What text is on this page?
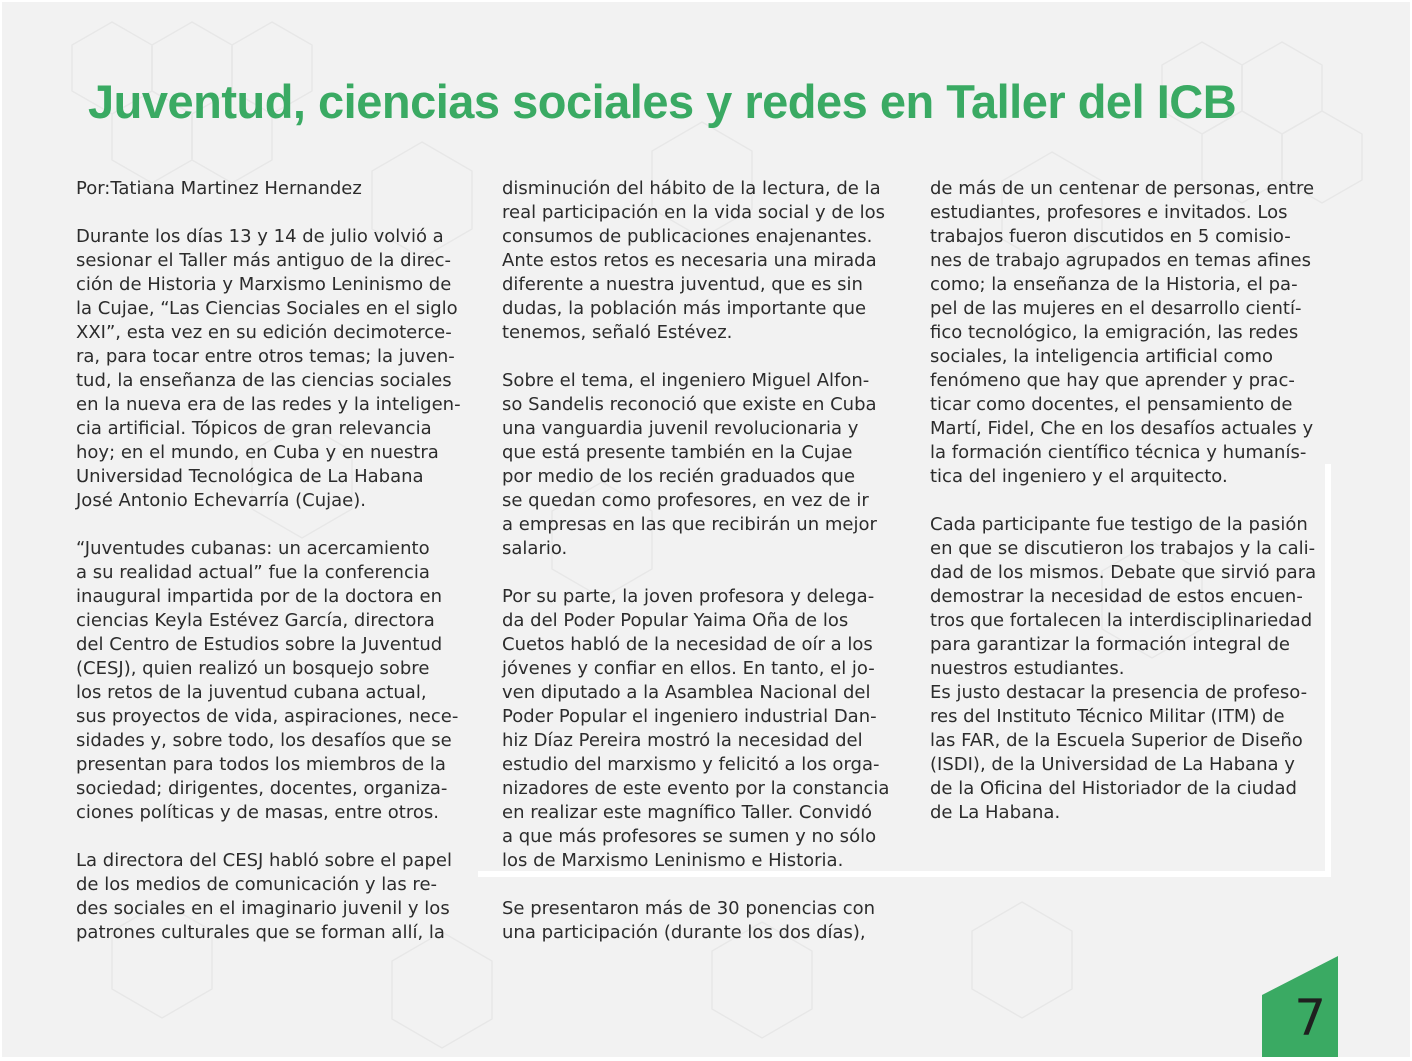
Juventud, ciencias sociales y redes en Taller del ICB

Por:Tatiana Martinez Hernandez

Durante los días 13 y 14 de julio volvió a
sesionar el Taller más antiguo de la direc-
ción de Historia y Marxismo Leninismo de
la Cujae, “Las Ciencias Sociales en el siglo
XXI”, esta vez en su edición decimoterce-
ra, para tocar entre otros temas; la juven-
tud, la enseñanza de las ciencias sociales
en la nueva era de las redes y la inteligen-
cia artificial. Tópicos de gran relevancia
hoy; en el mundo, en Cuba y en nuestra
Universidad Tecnológica de La Habana
José Antonio Echevarría (Cujae).

“Juventudes cubanas: un acercamiento
a su realidad actual” fue la conferencia
inaugural impartida por de la doctora en
ciencias Keyla Estévez García, directora
del Centro de Estudios sobre la Juventud
(CESJ), quien realizó un bosquejo sobre
los retos de la juventud cubana actual,
sus proyectos de vida, aspiraciones, nece-
sidades y, sobre todo, los desafíos que se
presentan para todos los miembros de la
sociedad; dirigentes, docentes, organiza-
ciones políticas y de masas, entre otros.

La directora del CESJ habló sobre el papel
de los medios de comunicación y las re-
des sociales en el imaginario juvenil y los
patrones culturales que se forman allí, la

disminución del hábito de la lectura, de la
real participación en la vida social y de los
consumos de publicaciones enajenantes.
Ante estos retos es necesaria una mirada
diferente a nuestra juventud, que es sin
dudas, la población más importante que
tenemos, señaló Estévez.

Sobre el tema, el ingeniero Miguel Alfon-
so Sandelis reconoció que existe en Cuba
una vanguardia juvenil revolucionaria y
que está presente también en la Cujae
por medio de los recién graduados que
se quedan como profesores, en vez de ir
a empresas en las que recibirán un mejor
salario.

Por su parte, la joven profesora y delega-
da del Poder Popular Yaima Oña de los
Cuetos habló de la necesidad de oír a los
jóvenes y confiar en ellos. En tanto, el jo-
ven diputado a la Asamblea Nacional del
Poder Popular el ingeniero industrial Dan-
hiz Díaz Pereira mostró la necesidad del
estudio del marxismo y felicitó a los orga-
nizadores de este evento por la constancia
en realizar este magnífico Taller. Convidó
a que más profesores se sumen y no sólo
los de Marxismo Leninismo e Historia.

Se presentaron más de 30 ponencias con
una participación (durante los dos días),

de más de un centenar de personas, entre
estudiantes, profesores e invitados. Los
trabajos fueron discutidos en 5 comisio-
nes de trabajo agrupados en temas afines
como; la enseñanza de la Historia, el pa-
pel de las mujeres en el desarrollo cientí-
fico tecnológico, la emigración, las redes
sociales, la inteligencia artificial como
fenómeno que hay que aprender y prac-
ticar como docentes, el pensamiento de
Martí, Fidel, Che en los desafíos actuales y
la formación científico técnica y humanís-
tica del ingeniero y el arquitecto.

Cada participante fue testigo de la pasión
en que se discutieron los trabajos y la cali-
dad de los mismos. Debate que sirvió para
demostrar la necesidad de estos encuen-
tros que fortalecen la interdisciplinariedad
para garantizar la formación integral de
nuestros estudiantes.

Es justo destacar la presencia de profeso-
res del Instituto Técnico Militar (ITM) de
las FAR, de la Escuela Superior de Diseño
(ISDI), de la Universidad de La Habana y
de la Oficina del Historiador de la ciudad
de La Habana.

7
